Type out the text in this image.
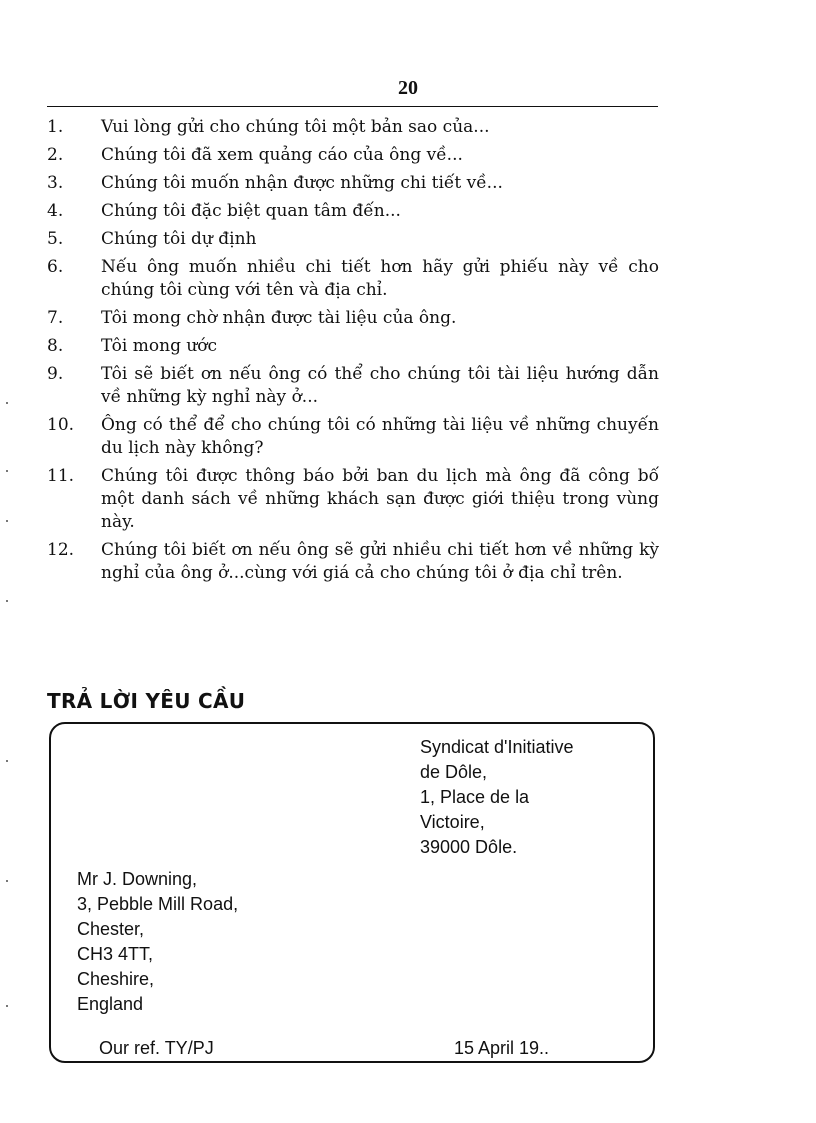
20
1.	Vui lòng gửi cho chúng tôi một bản sao của...
2.	Chúng tôi đã xem quảng cáo của ông về...
3.	Chúng tôi muốn nhận được những chi tiết về...
4.	Chúng tôi đặc biệt quan tâm đến...
5.	Chúng tôi dự định
6.	Nếu ông muốn nhiều chi tiết hơn hãy gửi phiếu này về cho chúng tôi cùng với tên và địa chỉ.
7.	Tôi mong chờ nhận được tài liệu của ông.
8.	Tôi mong ước
9.	Tôi sẽ biết ơn nếu ông có thể cho chúng tôi tài liệu hướng dẫn về những kỳ nghỉ này ở...
10.	Ông có thể để cho chúng tôi có những tài liệu về những chuyến du lịch này không?
11.	Chúng tôi được thông báo bởi ban du lịch mà ông đã công bố một danh sách về những khách sạn được giới thiệu trong vùng này.
12.	Chúng tôi biết ơn nếu ông sẽ gửi nhiều chi tiết hơn về những kỳ nghỉ của ông ở...cùng với giá cả cho chúng tôi ở địa chỉ trên.
TRẢ LỜI YÊU CẦU
Syndicat d'Initiative
de Dôle,
1, Place de la
Victoire,
39000 Dôle.
Mr J. Downing,
3, Pebble Mill Road,
Chester,
CH3 4TT,
Cheshire,
England
Our ref. TY/PJ	15 April 19..
